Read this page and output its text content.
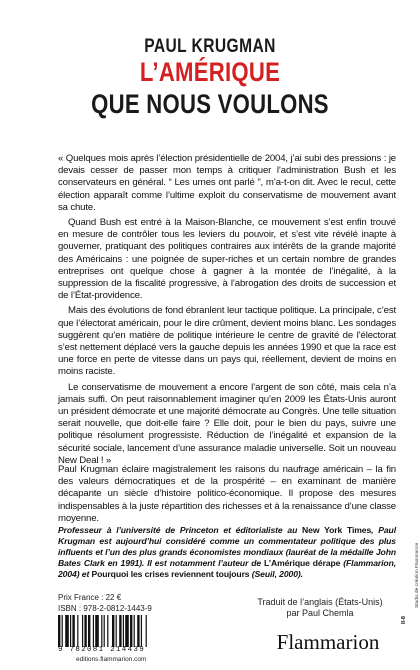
PAUL KRUGMAN
L’AMÉRIQUE
QUE NOUS VOULONS

« Quelques mois après l’élection présidentielle de 2004, j’ai subi des pressions : je devais cesser de passer mon temps à critiquer l’administration Bush et les conservateurs en général. “ Les urnes ont parlé ”, m’a-t-on dit. Avec le recul, cette élection apparaît comme l’ultime exploit du conservatisme de mouvement avant sa chute.

Quand Bush est entré à la Maison-Blanche, ce mouvement s’est enfin trouvé en mesure de contrôler tous les leviers du pouvoir, et s’est vite révélé inapte à gouverner, pratiquant des politiques contraires aux intérêts de la grande majorité des Américains : une poignée de super-riches et un certain nombre de grandes entreprises ont quelque chose à gagner à la montée de l’inégalité, à la suppression de la fiscalité progressive, à l’abrogation des droits de succession et de l’État-providence.

Mais des évolutions de fond ébranlent leur tactique politique. La principale, c’est que l’électorat américain, pour le dire crûment, devient moins blanc. Les sondages suggèrent qu’en matière de politique intérieure le centre de gravité de l’électorat s’est nettement déplacé vers la gauche depuis les années 1990 et que la race est une force en perte de vitesse dans un pays qui, réellement, devient de moins en moins raciste.

Le conservatisme de mouvement a encore l’argent de son côté, mais cela n’a jamais suffi. On peut raisonnablement imaginer qu’en 2009 les États-Unis auront un président démocrate et une majorité démocrate au Congrès. Une telle situation serait nouvelle, que doit-elle faire ? Elle doit, pour le bien du pays, suivre une politique résolument progressiste. Réduction de l’inégalité et expansion de la sécurité sociale, lancement d’une assurance maladie universelle. Soit un nouveau New Deal ! »

Paul Krugman éclaire magistralement les raisons du naufrage américain – la fin des valeurs démocratiques et de la prospérité – en examinant de manière décapante un siècle d’histoire politico-économique. Il propose des mesures indispensables à la juste répartition des richesses et à la renaissance d’une classe moyenne.

Professeur à l’université de Princeton et éditorialiste au New York Times, Paul Krugman est aujourd’hui considéré comme un commentateur politique des plus influents et l’un des plus grands économistes mondiaux (lauréat de la médaille John Bates Clark en 1991). Il est notamment l’auteur de L’Amérique dérape (Flammarion, 2004) et Pourquoi les crises reviennent toujours (Seuil, 2000).

Prix France : 22 €
ISBN : 978-2-0812-1443-9
9 782081 214439
editions.flammarion.com
Traduit de l’anglais (États-Unis)
par Paul Chemla
Flammarion
Studio de création Flammarion
II-8
